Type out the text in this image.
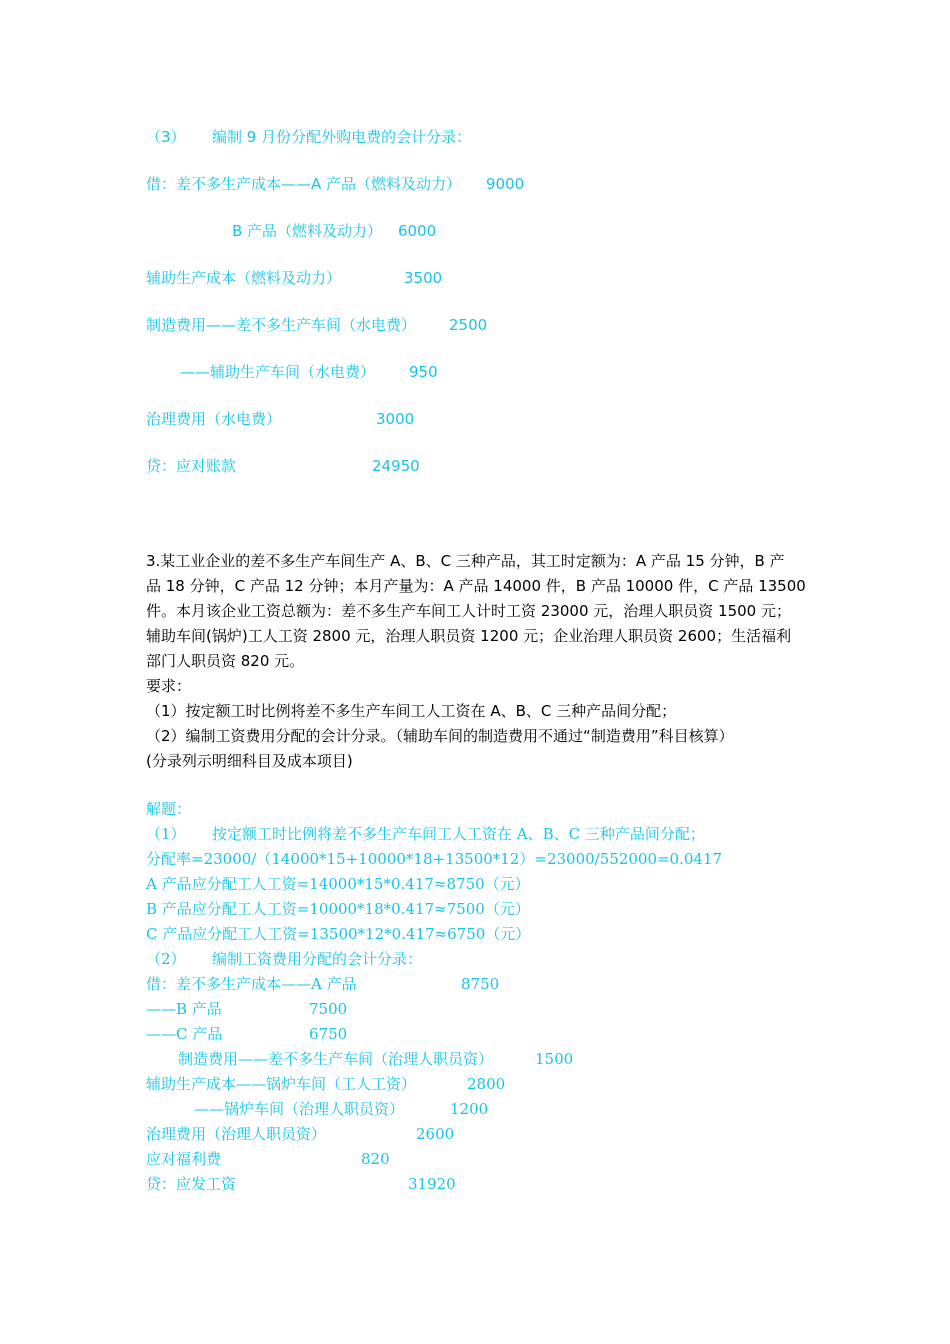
（3） 编制 9 月份分配外购电费的会计分录：
借：差不多生产成本——A 产品（燃料及动力） 9000
B 产品（燃料及动力） 6000
辅助生产成本（燃料及动力）	3500
制造费用——差不多生产车间（水电费） 2500
——辅助生产车间（水电费） 950
治理费用（水电费）	3000
贷：应对账款	24950
3.某工业企业的差不多生产车间生产 A、B、C 三种产品，其工时定额为：A 产品 15 分钟，B 产
品 18 分钟，C 产品 12 分钟；本月产量为：A 产品 14000 件，B 产品 10000 件，C 产品 13500
件。本月该企业工资总额为：差不多生产车间工人计时工资 23000 元，治理人职员资 1500 元；
辅助车间(锅炉)工人工资 2800 元，治理人职员资 1200 元；企业治理人职员资 2600；生活福利
部门人职员资 820 元。
要求：
（1）按定额工时比例将差不多生产车间工人工资在 A、B、C 三种产品间分配；
（2）编制工资费用分配的会计分录。（辅助车间的制造费用不通过“制造费用”科目核算）
(分录列示明细科目及成本项目)
解题：
（1） 按定额工时比例将差不多生产车间工人工资在 A、B、C 三种产品间分配；
分配率=23000/（14000*15+10000*18+13500*12）=23000/552000=0.0417
A 产品应分配工人工资=14000*15*0.417≈8750（元）
B 产品应分配工人工资=10000*18*0.417≈7500（元）
C 产品应分配工人工资=13500*12*0.417≈6750（元）
（2） 编制工资费用分配的会计分录：
借：差不多生产成本——A 产品	8750
——B 产品	7500
——C 产品	6750
制造费用——差不多生产车间（治理人职员资）	1500
辅助生产成本——锅炉车间（工人工资）	2800
——锅炉车间（治理人职员资）	1200
治理费用（治理人职员资）	2600
应对福利费	820
贷：应发工资	31920
